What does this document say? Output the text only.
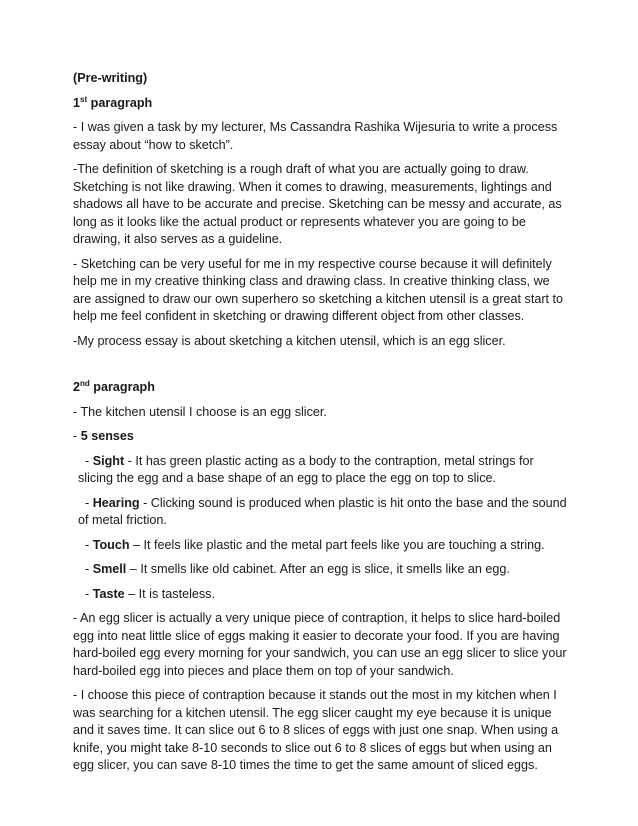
(Pre-writing)

1st paragraph

- I was given a task by my lecturer, Ms Cassandra Rashika Wijesuria to write a process essay about “how to sketch”.

-The definition of sketching is a rough draft of what you are actually going to draw. Sketching is not like drawing. When it comes to drawing, measurements, lightings and shadows all have to be accurate and precise. Sketching can be messy and accurate, as long as it looks like the actual product or represents whatever you are going to be drawing, it also serves as a guideline.

- Sketching can be very useful for me in my respective course because it will definitely help me in my creative thinking class and drawing class. In creative thinking class, we are assigned to draw our own superhero so sketching a kitchen utensil is a great start to help me feel confident in sketching or drawing different object from other classes.

-My process essay is about sketching a kitchen utensil, which is an egg slicer.

2nd paragraph

- The kitchen utensil I choose is an egg slicer.

- 5 senses

- Sight - It has green plastic acting as a body to the contraption, metal strings for slicing the egg and a base shape of an egg to place the egg on top to slice.

- Hearing - Clicking sound is produced when plastic is hit onto the base and the sound of metal friction.

- Touch – It feels like plastic and the metal part feels like you are touching a string.

- Smell – It smells like old cabinet. After an egg is slice, it smells like an egg.

- Taste – It is tasteless.

- An egg slicer is actually a very unique piece of contraption, it helps to slice hard-boiled egg into neat little slice of eggs making it easier to decorate your food. If you are having hard-boiled egg every morning for your sandwich, you can use an egg slicer to slice your hard-boiled egg into pieces and place them on top of your sandwich.

- I choose this piece of contraption because it stands out the most in my kitchen when I was searching for a kitchen utensil. The egg slicer caught my eye because it is unique and it saves time. It can slice out 6 to 8 slices of eggs with just one snap. When using a knife, you might take 8-10 seconds to slice out 6 to 8 slices of eggs but when using an egg slicer, you can save 8-10 times the time to get the same amount of sliced eggs.
